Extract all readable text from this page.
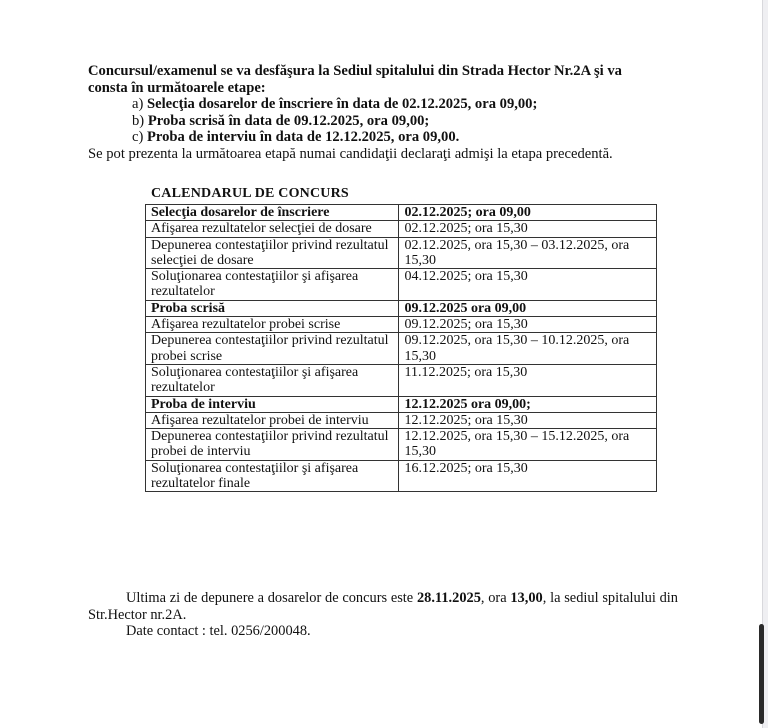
Concursul/examenul se va desfăşura la Sediul spitalului din Strada Hector Nr.2A şi va
consta în următoarele etape:
a) Selecţia dosarelor de înscriere în data de 02.12.2025, ora 09,00;
b) Proba scrisă în data de 09.12.2025, ora 09,00;
c) Proba de interviu în data de 12.12.2025, ora 09,00.
Se pot prezenta la următoarea etapă numai candidaţii declaraţi admişi la etapa precedentă.
CALENDARUL DE CONCURS
Selecţia dosarelor de înscriere	02.12.2025; ora 09,00
Afişarea rezultatelor selecţiei de dosare	02.12.2025; ora 15,30
Depunerea contestaţiilor privind rezultatul selecţiei de dosare	02.12.2025, ora 15,30 – 03.12.2025, ora 15,30
Soluţionarea contestaţiilor şi afişarea rezultatelor	04.12.2025; ora 15,30
Proba scrisă	09.12.2025 ora 09,00
Afişarea rezultatelor probei scrise	09.12.2025; ora 15,30
Depunerea contestaţiilor privind rezultatul probei scrise	09.12.2025, ora 15,30 – 10.12.2025, ora 15,30
Soluţionarea contestaţiilor şi afişarea rezultatelor	11.12.2025; ora 15,30
Proba de interviu	12.12.2025 ora 09,00;
Afişarea rezultatelor probei de interviu	12.12.2025; ora 15,30
Depunerea contestaţiilor privind rezultatul probei de interviu	12.12.2025, ora 15,30 – 15.12.2025, ora 15,30
Soluţionarea contestaţiilor şi afişarea rezultatelor finale	16.12.2025; ora 15,30
Ultima zi de depunere a dosarelor de concurs este 28.11.2025, ora 13,00, la sediul spitalului din Str.Hector nr.2A.
Date contact : tel. 0256/200048.
